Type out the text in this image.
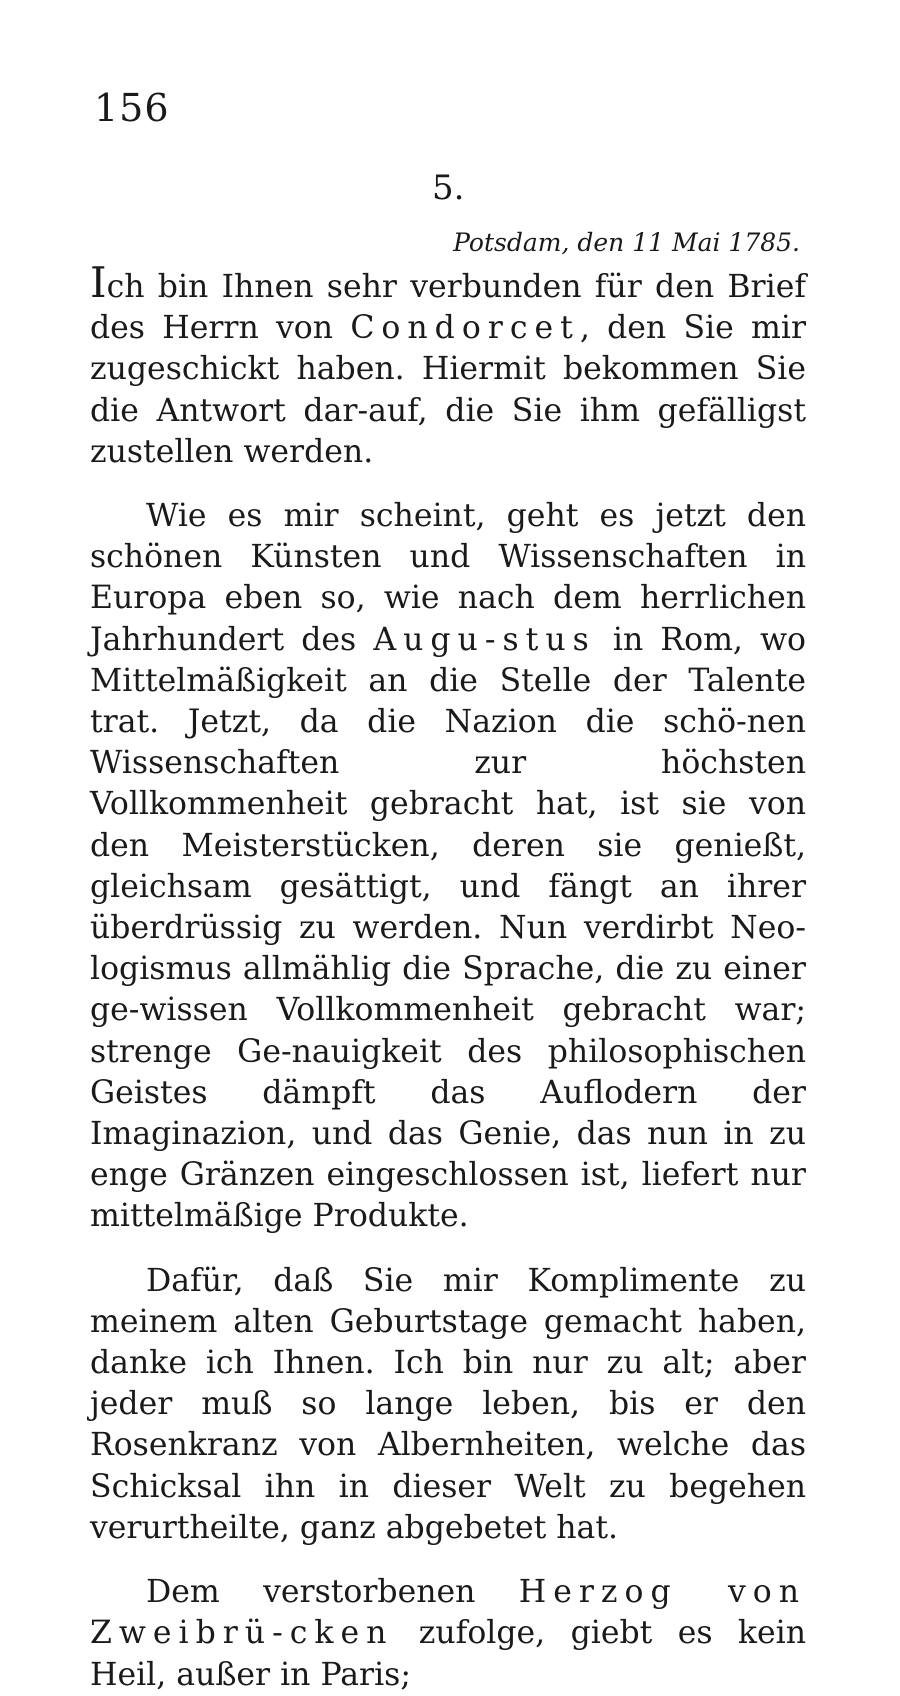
156
5.
Potsdam, den 11 Mai 1785.

Ich bin Ihnen sehr verbunden für den Brief des Herrn von Condorcet, den Sie mir zugeschickt haben. Hiermit bekommen Sie die Antwort dar-auf, die Sie ihm gefälligst zustellen werden.

Wie es mir scheint, geht es jetzt den schönen Künsten und Wissenschaften in Europa eben so, wie nach dem herrlichen Jahrhundert des Augu-stus in Rom, wo Mittelmäßigkeit an die Stelle der Talente trat. Jetzt, da die Nazion die schö-nen Wissenschaften zur höchsten Vollkommenheit gebracht hat, ist sie von den Meisterstücken, deren sie genießt, gleichsam gesättigt, und fängt an ihrer überdrüssig zu werden. Nun verdirbt Neo-logismus allmählig die Sprache, die zu einer ge-wissen Vollkommenheit gebracht war; strenge Ge-nauigkeit des philosophischen Geistes dämpft das Auflodern der Imaginazion, und das Genie, das nun in zu enge Gränzen eingeschlossen ist, liefert nur mittelmäßige Produkte.

Dafür, daß Sie mir Komplimente zu meinem alten Geburtstage gemacht haben, danke ich Ihnen. Ich bin nur zu alt; aber jeder muß so lange leben, bis er den Rosenkranz von Albernheiten, welche das Schicksal ihn in dieser Welt zu begehen verurtheilte, ganz abgebetet hat.

Dem verstorbenen Herzog von Zweibrü-cken zufolge, giebt es kein Heil, außer in Paris;
